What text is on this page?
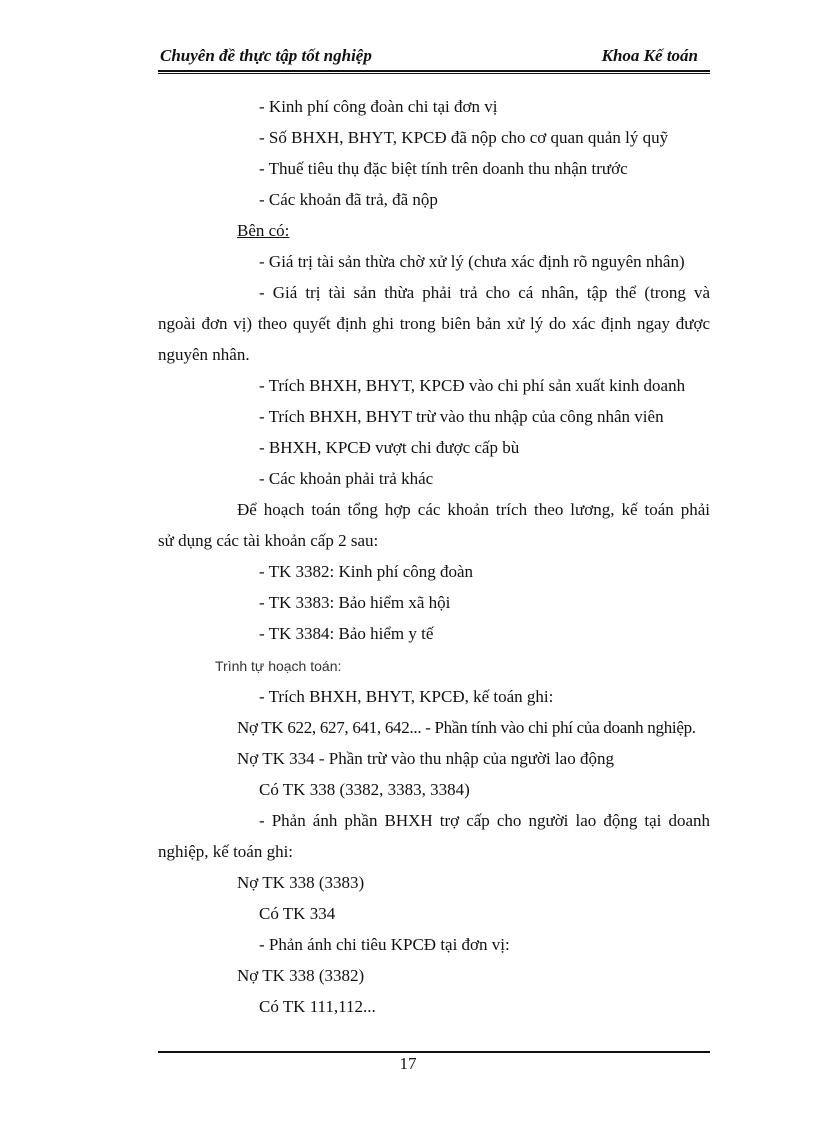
Chuyên đề thực tập tốt nghiệp	Khoa Kế toán
- Kinh phí công đoàn chi tại đơn vị
- Số BHXH, BHYT, KPCĐ đã nộp cho cơ quan quản lý quỹ
- Thuế tiêu thụ đặc biệt tính trên doanh thu nhận trước
- Các khoản đã trả, đã nộp
Bên có:
- Giá trị tài sản thừa chờ xử lý (chưa xác định rõ nguyên nhân)
- Giá trị tài sản thừa phải trả cho cá nhân, tập thể (trong và
ngoài đơn vị) theo quyết định ghi trong biên bản xử lý do xác định ngay được
nguyên nhân.
- Trích BHXH, BHYT, KPCĐ vào chi phí sản xuất kinh doanh
- Trích BHXH, BHYT trừ vào thu nhập của công nhân viên
- BHXH, KPCĐ vượt chi được cấp bù
- Các khoản phải trả khác
Để hoạch toán tổng hợp các khoản trích theo lương, kế toán phải
sử dụng các tài khoản cấp 2 sau:
- TK 3382: Kinh phí công đoàn
- TK 3383: Bảo hiểm xã hội
- TK 3384: Bảo hiểm y tế
Trình tự hoạch toán:
- Trích BHXH, BHYT, KPCĐ, kế toán ghi:
Nợ TK 622, 627, 641, 642... - Phần tính vào chi phí của doanh nghiệp.
Nợ TK 334 - Phần trừ vào thu nhập của người lao động
Có TK 338 (3382, 3383, 3384)
- Phản ánh phần BHXH trợ cấp cho người lao động tại doanh
nghiệp, kế toán ghi:
Nợ TK 338 (3383)
Có TK 334
- Phản ánh chi tiêu KPCĐ tại đơn vị:
Nợ TK 338 (3382)
Có TK 111,112...
17
